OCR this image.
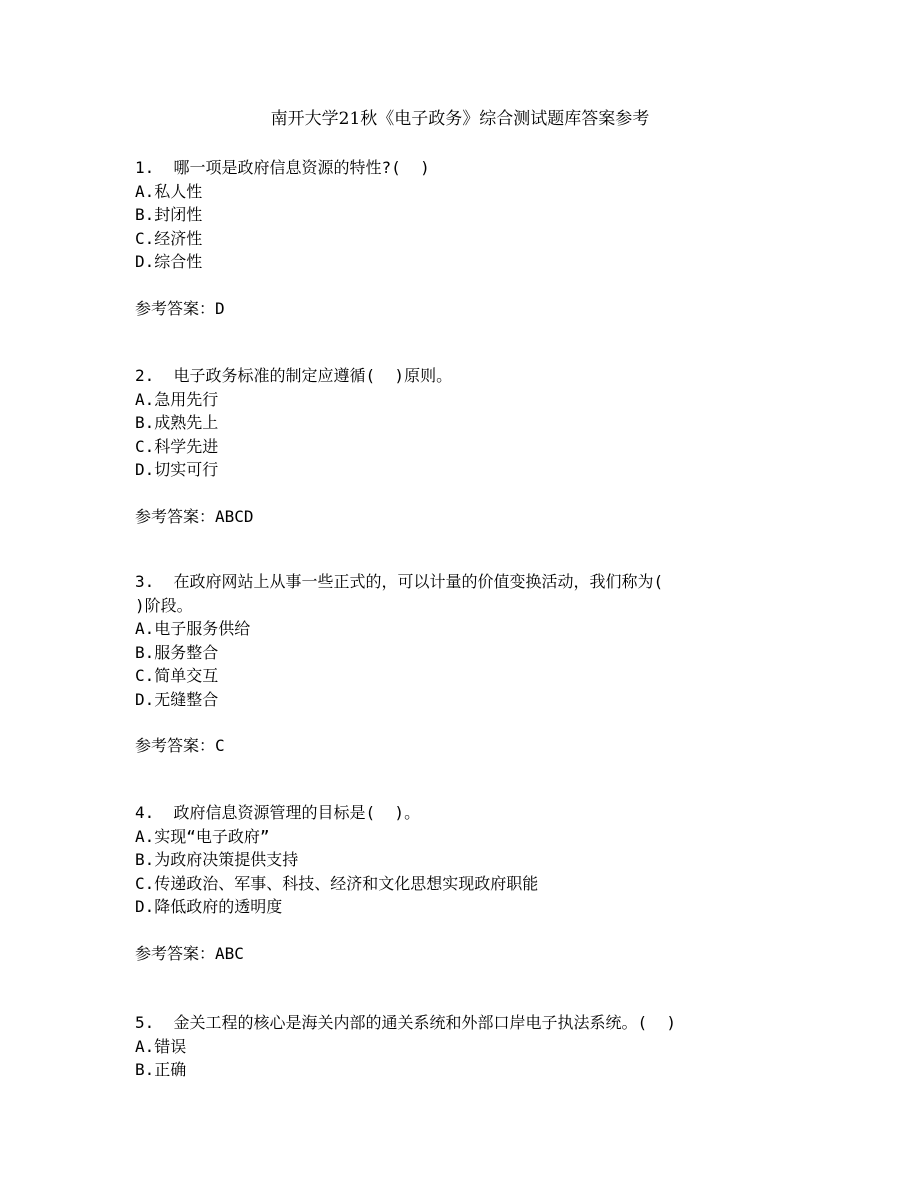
南开大学21秋《电子政务》综合测试题库答案参考
1.  哪一项是政府信息资源的特性?(  )
A.私人性
B.封闭性
C.经济性
D.综合性
参考答案：D
2.  电子政务标准的制定应遵循(  )原则。
A.急用先行
B.成熟先上
C.科学先进
D.切实可行
参考答案：ABCD
3.  在政府网站上从事一些正式的，可以计量的价值变换活动，我们称为(
)阶段。
A.电子服务供给
B.服务整合
C.简单交互
D.无缝整合
参考答案：C
4.  政府信息资源管理的目标是(  )。
A.实现“电子政府”
B.为政府决策提供支持
C.传递政治、军事、科技、经济和文化思想实现政府职能
D.降低政府的透明度
参考答案：ABC
5.  金关工程的核心是海关内部的通关系统和外部口岸电子执法系统。(  )
A.错误
B.正确
